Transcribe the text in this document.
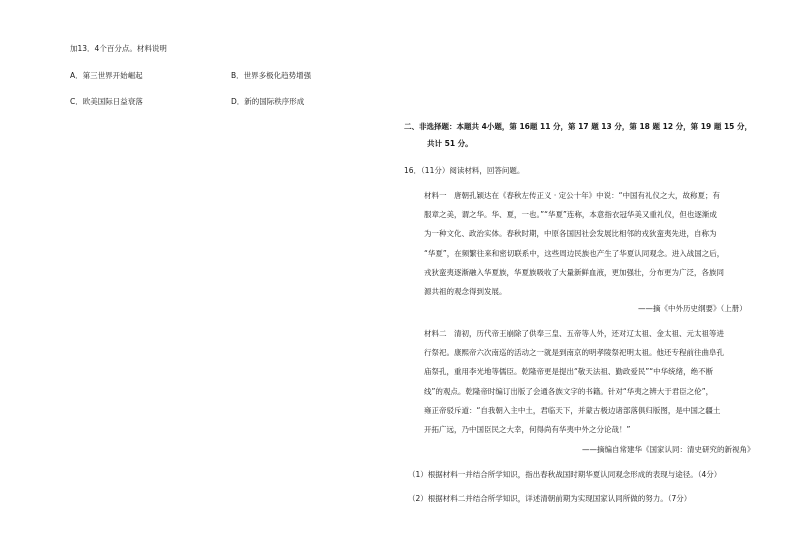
加13．4个百分点。材料说明
A．第三世界开始崛起	B．世界多极化趋势增强
C．欧美国际日益衰落	D．新的国际秩序形成
二、非选择题：本题共 4小题，第 16题 11 分，第 17 题 13 分，第 18 题 12 分，第 19 题 15 分，
共计 51 分。
16．（11分）阅读材料，回答问题。
材料一　唐朝孔颖达在《春秋左传正义 · 定公十年》中说：“中国有礼仪之大，故称夏；有
服章之美，谓之华。华、夏，一也。”“华夏”连称，本意指衣冠华美又重礼仪，但也逐渐成
为一种文化、政治实体。春秋时期，中原各国因社会发展比相邻的戎狄蛮夷先进，自称为
“华夏”，在频繁往来和密切联系中，这些周边民族也产生了华夏认同观念。进入战国之后，
戎狄蛮夷逐渐融入华夏族，华夏族吸收了大量新鲜血液，更加强壮，分布更为广泛，各族同
源共祖的观念得到发展。
——摘《中外历史纲要》（上册）
材料二　清初，历代帝王崩除了供奉三皇、五帝等人外，还对辽太祖、金太祖、元太祖等进
行祭祀。康熙帝六次南巡的活动之一就是到南京的明孝陵祭祀明太祖。他还专程前往曲阜孔
庙祭孔，重用李光地等儒臣。乾隆帝更是提出“敬天法祖、勤政爱民”“中华统绪，绝不断
线”的观点。乾隆帝时编订出版了会通各族文字的书籍。针对“华夷之辨大于君臣之伦”，
雍正帝驳斥道：“自我朝入主中土，君临天下，并蒙古极边诸部落俱归版图，是中国之疆土
开拓广远，乃中国臣民之大幸，何得尚有华夷中外之分论哉！”
——摘编自常建华《国家认同：清史研究的新视角》
（1）根据材料一并结合所学知识，指出春秋战国时期华夏认同观念形成的表现与途径。（4分）
（2）根据材料二并结合所学知识，详述清朝前期为实现国家认同所做的努力。（7分）
